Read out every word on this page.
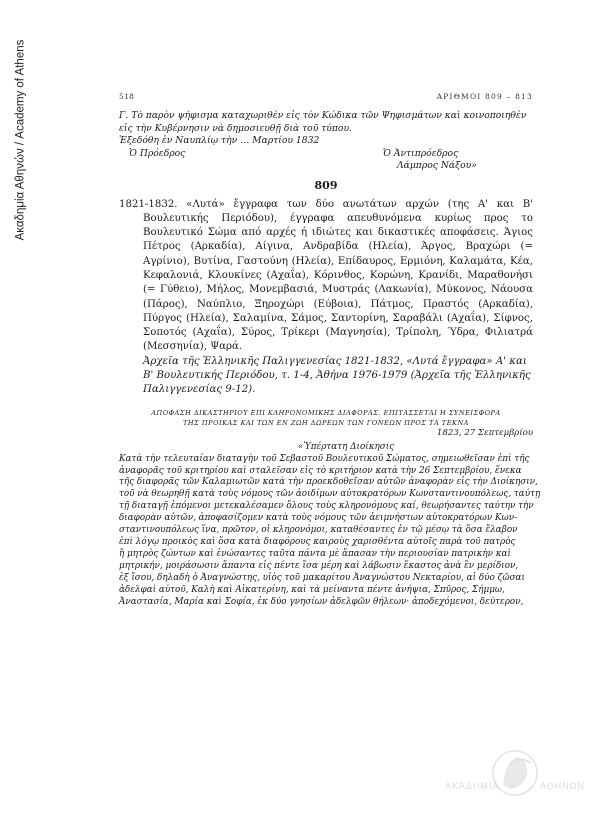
Ακαδημία Αθηνών / Academy of Athens	518	ΑΡΙΘΜΟΙ 809 – 813

Γ. Τὸ παρὸν ψήφισμα καταχωριθὲν εἰς τὸν Κώδικα τῶν Ψηφισμάτων καὶ κοινοποιηθὲν

εἰς τὴν Κυβέρνησιν νὰ δημοσιευθῇ διὰ τοῦ τύπου.

Ἐξεδόθη ἐν Ναυπλίῳ τὴν … Μαρτίου 1832

Ὁ Πρόεδρος	Ὁ Ἀντιπρόεδρος
Λάμπρος Νάξου»
809

1821-1832. «Λυτά» ἔγγραφα των δύο ανωτάτων αρχών (της Α' και Β' Βουλευτικής Περιόδου), έγγραφα απευθυνόμενα κυρίως προς το Βουλευτικό Σώμα από αρχές ή ιδιώτες και δικαστικές αποφάσεις. Άγιος Πέτρος (Αρκαδία), Αίγινα, Ανδραβίδα (Ηλεία), Άργος, Βραχώρι (= Αγρίνιο), Βυτίνα, Γαστούνη (Ηλεία), Επίδαυρος, Ερμιόνη, Καλαμάτα, Κέα, Κεφαλονιά, Κλουκίνες (Αχαΐα), Κόρινθος, Κορώνη, Κρανίδι, Μαραθονήσι (= Γύθειο), Μήλος, Μονεμβασιά, Μυστράς (Λακωνία), Μύκονος, Νάουσα (Πάρος), Ναύπλιο, Ξηροχώρι (Εύβοια), Πάτμος, Πραστός (Αρκαδία), Πύργος (Ηλεία), Σαλαμίνα, Σάμος, Σαντορίνη, Σαραβάλι (Αχαΐα), Σίφνος, Σοποτός (Αχαΐα), Σύρος, Τρίκερι (Μαγνησία), Τρίπολη, Ύδρα, Φιλιατρά (Μεσσηνία), Ψαρά.

Ἀρχεῖα τῆς Ἑλληνικῆς Παλιγγενεσίας 1821-1832, «Λυτά ἔγγραφα» Α' και Β' Βουλευτικής Περιόδου, τ. 1-4, Ἀθήνα 1976-1979 (Ἀρχεῖα τῆς Ἑλληνικῆς Παλιγγενεσίας 9-12).

ΑΠΟΦΑΣΗ ΔΙΚΑΣΤΗΡΙΟΥ ΕΠΙ ΚΛΗΡΟΝΟΜΙΚΗΣ ΔΙΑΦΟΡΑΣ. ΕΠΙΤΑΣΣΕΤΑΙ Η ΣΥΝΕΙΣΦΟΡΑ
ΤΗΣ ΠΡΟΙΚΑΣ ΚΑΙ ΤΩΝ ΕΝ ΖΩΗ ΔΩΡΕΩΝ ΤΩΝ ΓΟΝΕΩΝ ΠΡΟΣ ΤΑ ΤΕΚΝΑ
1823, 27 Σεπτεμβρίου
«Ὑπέρτατη Διοίκησις
Κατὰ τὴν τελευταίαν διαταγὴν τοῦ Σεβαστοῦ Βουλευτικοῦ Σώματος, σημειωθεῖσαν ἐπὶ τῆς
ἀναφορᾶς τοῦ κριτηρίου καὶ σταλεῖσαν εἰς τὸ κριτήριον κατὰ τὴν 26 Σεπτεμβρίου, ἕνεκα
τῆς διαφορᾶς τῶν Καλαμιωτῶν κατὰ τὴν προεκδοθεῖσαν αὐτῶν ἀναφορὰν εἰς τὴν Διοίκησιν,
τοῦ νὰ θεωρηθῇ κατὰ τοὺς νόμους τῶν ἀοιδίμων αὐτοκρατόρων Κωνσταντινουπόλεως, ταύτῃ
τῇ διαταγῇ ἑπόμενοι μετεκαλέσαμεν ὅλους τοὺς κληρονόμους καί, θεωρήσαντες ταύτην τὴν
διαφορὰν αὐτῶν, ἀποφασίζομεν κατὰ τοὺς νόμους τῶν ἀειμνήστων αὐτοκρατόρων Κων-
σταντινουπόλεως ἵνα, πρῶτον, οἱ κληρονόμοι, καταθέσαντες ἐν τῷ μέσῳ τὰ ὅσα ἔλαβον
ἐπὶ λόγῳ προικὸς καὶ ὅσα κατὰ διαφόρους καιροὺς χαρισθέντα αὐτοῖς παρὰ τοῦ πατρὸς
ἢ μητρὸς ζώντων καὶ ἑνώσαντες ταῦτα πάντα μὲ ἅπασαν τὴν περιουσίαν πατρικὴν καὶ
μητρικήν, μοιράσωσιν ἅπαντα εἰς πέντε ἴσα μέρη καὶ λάβωσιν ἕκαστος ἀνὰ ἓν μερίδιον,
ἐξ ἴσου, δηλαδὴ ὁ Ἀναγνώστης, υἱὸς τοῦ μακαρίτου Ἀναγνώστου Νεκταρίου, αἱ δύο ζῶσαι
ἀδελφαὶ αὐτοῦ, Καλὴ καὶ Αἰκατερίνη, καὶ τὰ μείναντα πέντε ἀνήψια, Σπῦρος, Σήμμω,
Ἀναστασία, Μαρία καὶ Σοφία, ἐκ δύο γνησίων ἀδελφῶν θήλεων· ἀποδεχόμενοι, δεύτερον,
ΑΚΑΔΗΜΙΑ	ΑΘΗΝΩΝ
